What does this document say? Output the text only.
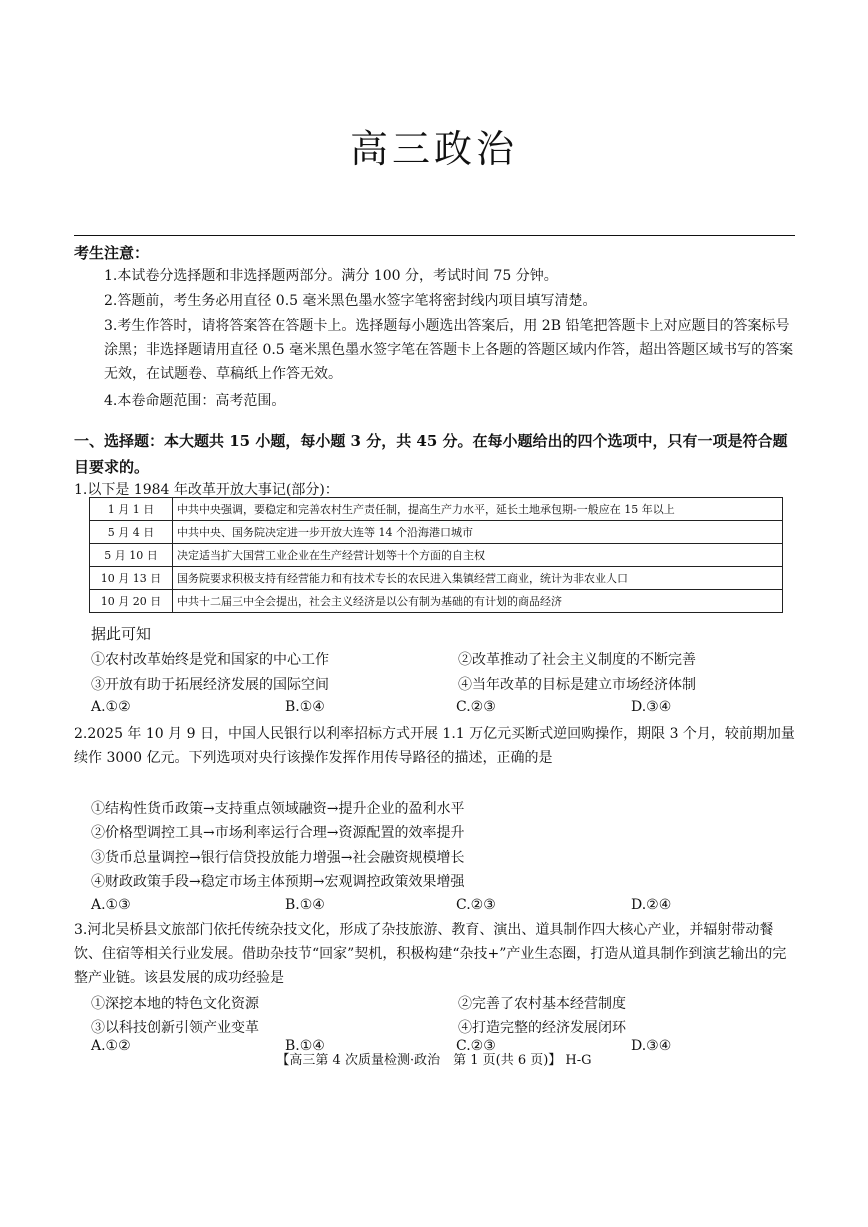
高三政治
考生注意：

1.本试卷分选择题和非选择题两部分。满分 100 分，考试时间 75 分钟。

2.答题前，考生务必用直径 0.5 毫米黑色墨水签字笔将密封线内项目填写清楚。

3.考生作答时，请将答案答在答题卡上。选择题每小题选出答案后，用 2B 铅笔把答题卡上对应题目的答案标号涂黑；非选择题请用直径 0.5 毫米黑色墨水签字笔在答题卡上各题的答题区域内作答，超出答题区域书写的答案无效，在试题卷、草稿纸上作答无效。

4.本卷命题范围：高考范围。

一、选择题：本大题共 15 小题，每小题 3 分，共 45 分。在每小题给出的四个选项中，只有一项是符合题目要求的。
1.以下是 1984 年改革开放大事记(部分)：
1 月 1 日	中共中央强调，要稳定和完善农村生产责任制，提高生产力水平，延长土地承包期-一般应在 15 年以上
5 月 4 日	中共中央、国务院决定进一步开放大连等 14 个沿海港口城市
5 月 10 日	决定适当扩大国营工业企业在生产经营计划等十个方面的自主权
10 月 13 日	国务院要求积极支持有经营能力和有技术专长的农民进入集镇经营工商业，统计为非农业人口
10 月 20 日	中共十二届三中全会提出，社会主义经济是以公有制为基础的有计划的商品经济
据此可知
①农村改革始终是党和国家的中心工作	②改革推动了社会主义制度的不断完善
③开放有助于拓展经济发展的国际空间	④当年改革的目标是建立市场经济体制
A.①②	B.①④	C.②③	D.③④
2.2025 年 10 月 9 日，中国人民银行以利率招标方式开展 1.1 万亿元买断式逆回购操作，期限 3 个月，较前期加量续作 3000 亿元。下列选项对央行该操作发挥作用传导路径的描述，正确的是
①结构性货币政策→支持重点领域融资→提升企业的盈利水平
②价格型调控工具→市场利率运行合理→资源配置的效率提升
③货币总量调控→银行信贷投放能力增强→社会融资规模增长
④财政政策手段→稳定市场主体预期→宏观调控政策效果增强
A.①③	B.①④	C.②③	D.②④
3.河北吴桥县文旅部门依托传统杂技文化，形成了杂技旅游、教育、演出、道具制作四大核心产业，并辐射带动餐饮、住宿等相关行业发展。借助杂技节“回家”契机，积极构建“杂技+”产业生态圈，打造从道具制作到演艺输出的完整产业链。该县发展的成功经验是
①深挖本地的特色文化资源	②完善了农村基本经营制度
③以科技创新引领产业变革	④打造完整的经济发展闭环
A.①②	B.①④	C.②③	D.③④
【高三第 4 次质量检测·政治　第 1 页(共 6 页)】 H-G
